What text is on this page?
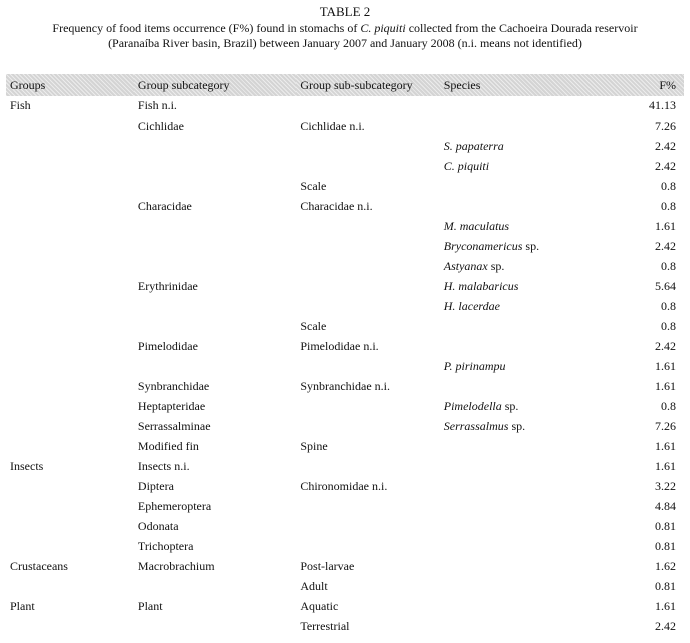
TABLE 2
Frequency of food items occurrence (F%) found in stomachs of C. piquiti collected from the Cachoeira Dourada reservoir
(Paranaíba River basin, Brazil) between January 2007 and January 2008 (n.i. means not identified)
Groups	Group subcategory	Group sub-subcategory	Species	F%
Fish	Fish n.i.			41.13
	Cichlidae	Cichlidae n.i.		7.26
			S. papaterra	2.42
			C. piquiti	2.42
		Scale		0.8
	Characidae	Characidae n.i.		0.8
			M. maculatus	1.61
			Bryconamericus sp.	2.42
			Astyanax sp.	0.8
	Erythrinidae		H. malabaricus	5.64
			H. lacerdae	0.8
		Scale		0.8
	Pimelodidae	Pimelodidae n.i.		2.42
			P. pirinampu	1.61
	Synbranchidae	Synbranchidae n.i.		1.61
	Heptapteridae		Pimelodella sp.	0.8
	Serrassalminae		Serrassalmus sp.	7.26
	Modified fin	Spine		1.61
Insects	Insects n.i.			1.61
	Diptera	Chironomidae n.i.		3.22
	Ephemeroptera			4.84
	Odonata			0.81
	Trichoptera			0.81
Crustaceans	Macrobrachium	Post-larvae		1.62
		Adult		0.81
Plant	Plant	Aquatic		1.61
		Terrestrial		2.42
